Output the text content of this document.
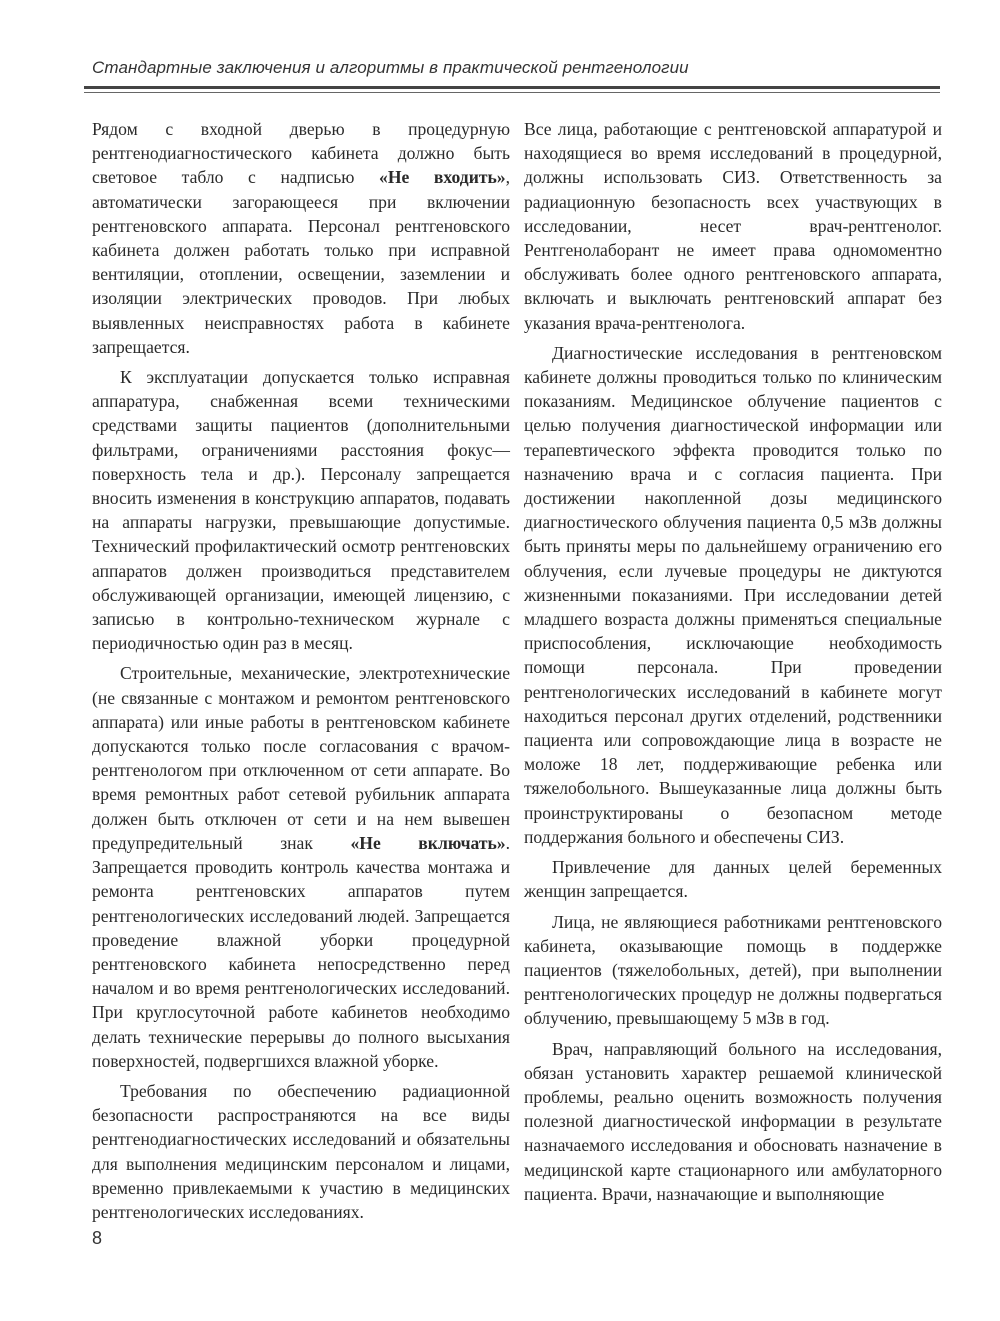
Стандартные заключения и алгоритмы в практической рентгенологии

Рядом с входной дверью в процедурную рентгенодиагностического кабинета должно быть световое табло с надписью «Не входить», автоматически загорающееся при включении рентгеновского аппарата. Персонал рентгеновского кабинета должен работать только при исправной вентиляции, отоплении, освещении, заземлении и изоляции электрических проводов. При любых выявленных неисправностях работа в кабинете запрещается.

К эксплуатации допускается только исправная аппаратура, снабженная всеми техническими средствами защиты пациентов (дополнительными фильтрами, ограничениями расстояния фокус—поверхность тела и др.). Персоналу запрещается вносить изменения в конструкцию аппаратов, подавать на аппараты нагрузки, превышающие допустимые. Технический профилактический осмотр рентгеновских аппаратов должен производиться представителем обслуживающей организации, имеющей лицензию, с записью в контрольно-техническом журнале с периодичностью один раз в месяц.

Строительные, механические, электротехнические (не связанные с монтажом и ремонтом рентгеновского аппарата) или иные работы в рентгеновском кабинете допускаются только после согласования с врачом-рентгенологом при отключенном от сети аппарате. Во время ремонтных работ сетевой рубильник аппарата должен быть отключен от сети и на нем вывешен предупредительный знак «Не включать». Запрещается проводить контроль качества монтажа и ремонта рентгеновских аппаратов путем рентгенологических исследований людей. Запрещается проведение влажной уборки процедурной рентгеновского кабинета непосредственно перед началом и во время рентгенологических исследований. При круглосуточной работе кабинетов необходимо делать технические перерывы до полного высыхания поверхностей, подвергшихся влажной уборке.

Требования по обеспечению радиационной безопасности распространяются на все виды рентгенодиагностических исследований и обязательны для выполнения медицинским персоналом и лицами, временно привлекаемыми к участию в медицинских рентгенологических исследованиях.

Все лица, работающие с рентгеновской аппаратурой и находящиеся во время исследований в процедурной, должны использовать СИЗ. Ответственность за радиационную безопасность всех участвующих в исследовании, несет врач-рентгенолог. Рентгенолаборант не имеет права одномоментно обслуживать более одного рентгеновского аппарата, включать и выключать рентгеновский аппарат без указания врача-рентгенолога.

Диагностические исследования в рентгеновском кабинете должны проводиться только по клиническим показаниям. Медицинское облучение пациентов с целью получения диагностической информации или терапевтического эффекта проводится только по назначению врача и с согласия пациента. При достижении накопленной дозы медицинского диагностического облучения пациента 0,5 мЗв должны быть приняты меры по дальнейшему ограничению его облучения, если лучевые процедуры не диктуются жизненными показаниями. При исследовании детей младшего возраста должны применяться специальные приспособления, исключающие необходимость помощи персонала. При проведении рентгенологических исследований в кабинете могут находиться персонал других отделений, родственники пациента или сопровождающие лица в возрасте не моложе 18 лет, поддерживающие ребенка или тяжелобольного. Вышеуказанные лица должны быть проинструктированы о безопасном методе поддержания больного и обеспечены СИЗ.

Привлечение для данных целей беременных женщин запрещается.

Лица, не являющиеся работниками рентгеновского кабинета, оказывающие помощь в поддержке пациентов (тяжелобольных, детей), при выполнении рентгенологических процедур не должны подвергаться облучению, превышающему 5 мЗв в год.

Врач, направляющий больного на исследования, обязан установить характер решаемой клинической проблемы, реально оценить возможность получения полезной диагностической информации в результате назначаемого исследования и обосновать назначение в медицинской карте стационарного или амбулаторного пациента. Врачи, назначающие и выполняющие

8
